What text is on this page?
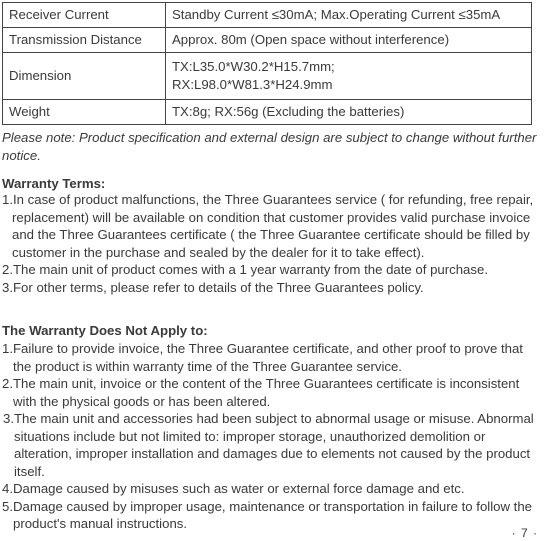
Receiver Current	Standby Current ≤30mA; Max.Operating Current ≤35mA

Transmission Distance	Approx. 80m (Open space without interference)

Dimension	TX:L35.0*W30.2*H15.7mm;
RX:L98.0*W81.3*H24.9mm

Weight	TX:8g; RX:56g (Excluding the batteries)

Please note: Product specification and external design are subject to change without further notice.

Warranty Terms:
1.In case of product malfunctions, the Three Guarantees service ( for refunding, free repair, replacement) will be available on condition that customer provides valid purchase invoice and the Three Guarantees certificate ( the Three Guarantee certificate should be filled by customer in the purchase and sealed by the dealer for it to take effect).
2.The main unit of product comes with a 1 year warranty from the date of purchase.
3.For other terms, please refer to details of the Three Guarantees policy.
The Warranty Does Not Apply to:
1.Failure to provide invoice, the Three Guarantee certificate, and other proof to prove that the product is within warranty time of the Three Guarantee service.
2.The main unit, invoice or the content of the Three Guarantees certificate is inconsistent with the physical goods or has been altered.
3.The main unit and accessories had been subject to abnormal usage or misuse. Abnormal situations include but not limited to: improper storage, unauthorized demolition or alteration, improper installation and damages due to elements not caused by the product itself.
4.Damage caused by misuses such as water or external force damage and etc.
5.Damage caused by improper usage, maintenance or transportation in failure to follow the product's manual instructions.
· 7 ·
